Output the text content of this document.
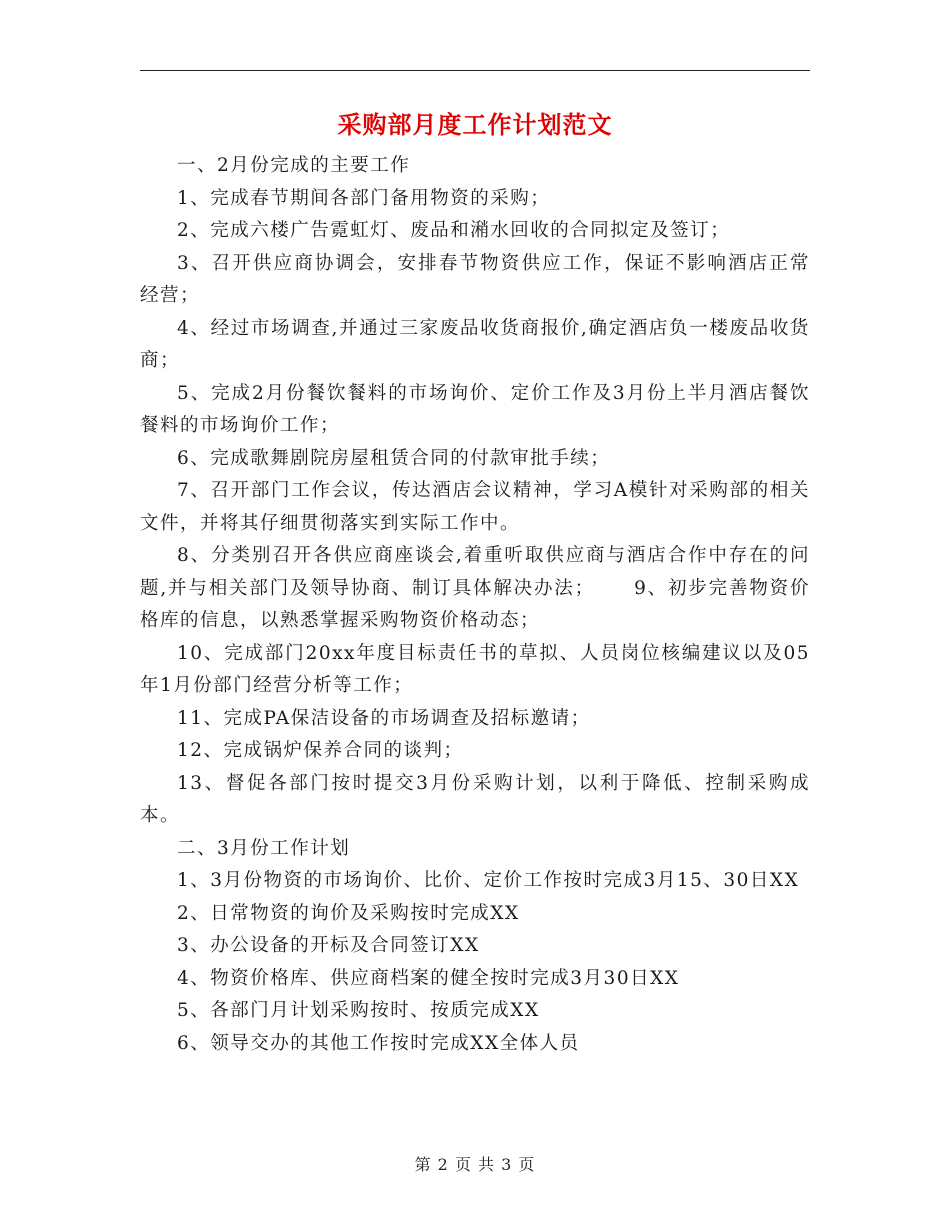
采购部月度工作计划范文

一、2月份完成的主要工作

1、完成春节期间各部门备用物资的采购；

2、完成六楼广告霓虹灯、废品和潲水回收的合同拟定及签订；

3、召开供应商协调会，安排春节物资供应工作，保证不影响酒店正常经营；

4、经过市场调查,并通过三家废品收货商报价,确定酒店负一楼废品收货商；

5、完成2月份餐饮餐料的市场询价、定价工作及3月份上半月酒店餐饮餐料的市场询价工作；

6、完成歌舞剧院房屋租赁合同的付款审批手续；

7、召开部门工作会议，传达酒店会议精神，学习A模针对采购部的相关文件，并将其仔细贯彻落实到实际工作中。

8、分类别召开各供应商座谈会,着重听取供应商与酒店合作中存在的问题,并与相关部门及领导协商、制订具体解决办法；　　 9、初步完善物资价格库的信息，以熟悉掌握采购物资价格动态；

10、完成部门20xx年度目标责任书的草拟、人员岗位核编建议以及05年1月份部门经营分析等工作；

11、完成PA保洁设备的市场调查及招标邀请；

12、完成锅炉保养合同的谈判；

13、督促各部门按时提交3月份采购计划，以利于降低、控制采购成本。

二、3月份工作计划

1、3月份物资的市场询价、比价、定价工作按时完成3月15、30日XX

2、日常物资的询价及采购按时完成XX

3、办公设备的开标及合同签订XX

4、物资价格库、供应商档案的健全按时完成3月30日XX

5、各部门月计划采购按时、按质完成XX

6、领导交办的其他工作按时完成XX全体人员

第 2 页 共 3 页
